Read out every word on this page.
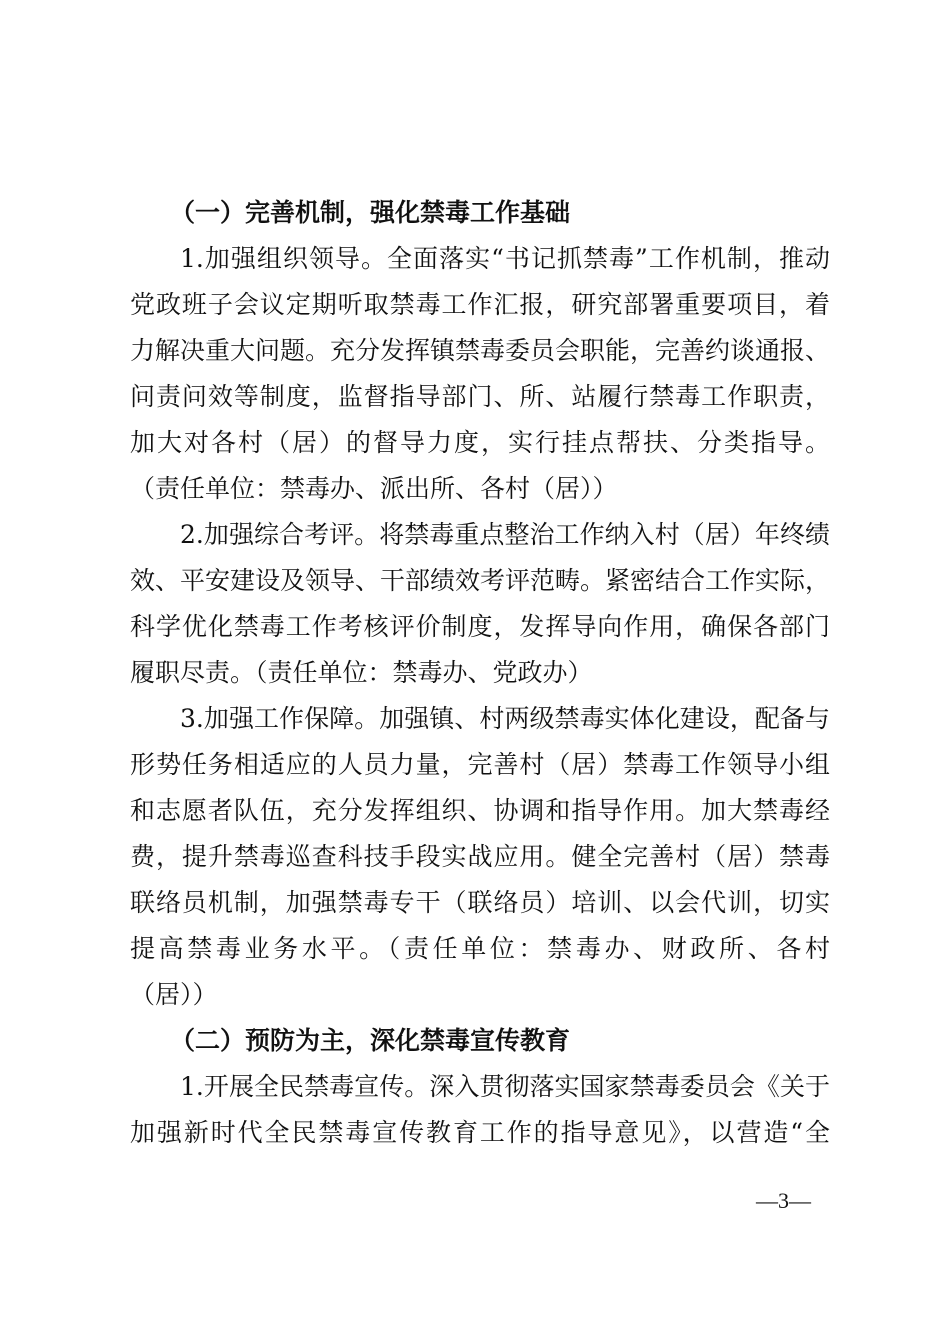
（一）完善机制，强化禁毒工作基础
1.加强组织领导。全面落实“书记抓禁毒”工作机制，推动
党政班子会议定期听取禁毒工作汇报，研究部署重要项目，着
力解决重大问题。充分发挥镇禁毒委员会职能，完善约谈通报、
问责问效等制度，监督指导部门、所、站履行禁毒工作职责，
加大对各村（居）的督导力度，实行挂点帮扶、分类指导。
（责任单位：禁毒办、派出所、各村（居））
2.加强综合考评。将禁毒重点整治工作纳入村（居）年终绩
效、平安建设及领导、干部绩效考评范畴。紧密结合工作实际，
科学优化禁毒工作考核评价制度，发挥导向作用，确保各部门
履职尽责。（责任单位：禁毒办、党政办）
3.加强工作保障。加强镇、村两级禁毒实体化建设，配备与
形势任务相适应的人员力量，完善村（居）禁毒工作领导小组
和志愿者队伍，充分发挥组织、协调和指导作用。加大禁毒经
费，提升禁毒巡查科技手段实战应用。健全完善村（居）禁毒
联络员机制，加强禁毒专干（联络员）培训、以会代训，切实
提高禁毒业务水平。（责任单位：禁毒办、财政所、各村
（居））
（二）预防为主，深化禁毒宣传教育
1.开展全民禁毒宣传。深入贯彻落实国家禁毒委员会《关于
加强新时代全民禁毒宣传教育工作的指导意见》，以营造“全
—3—
